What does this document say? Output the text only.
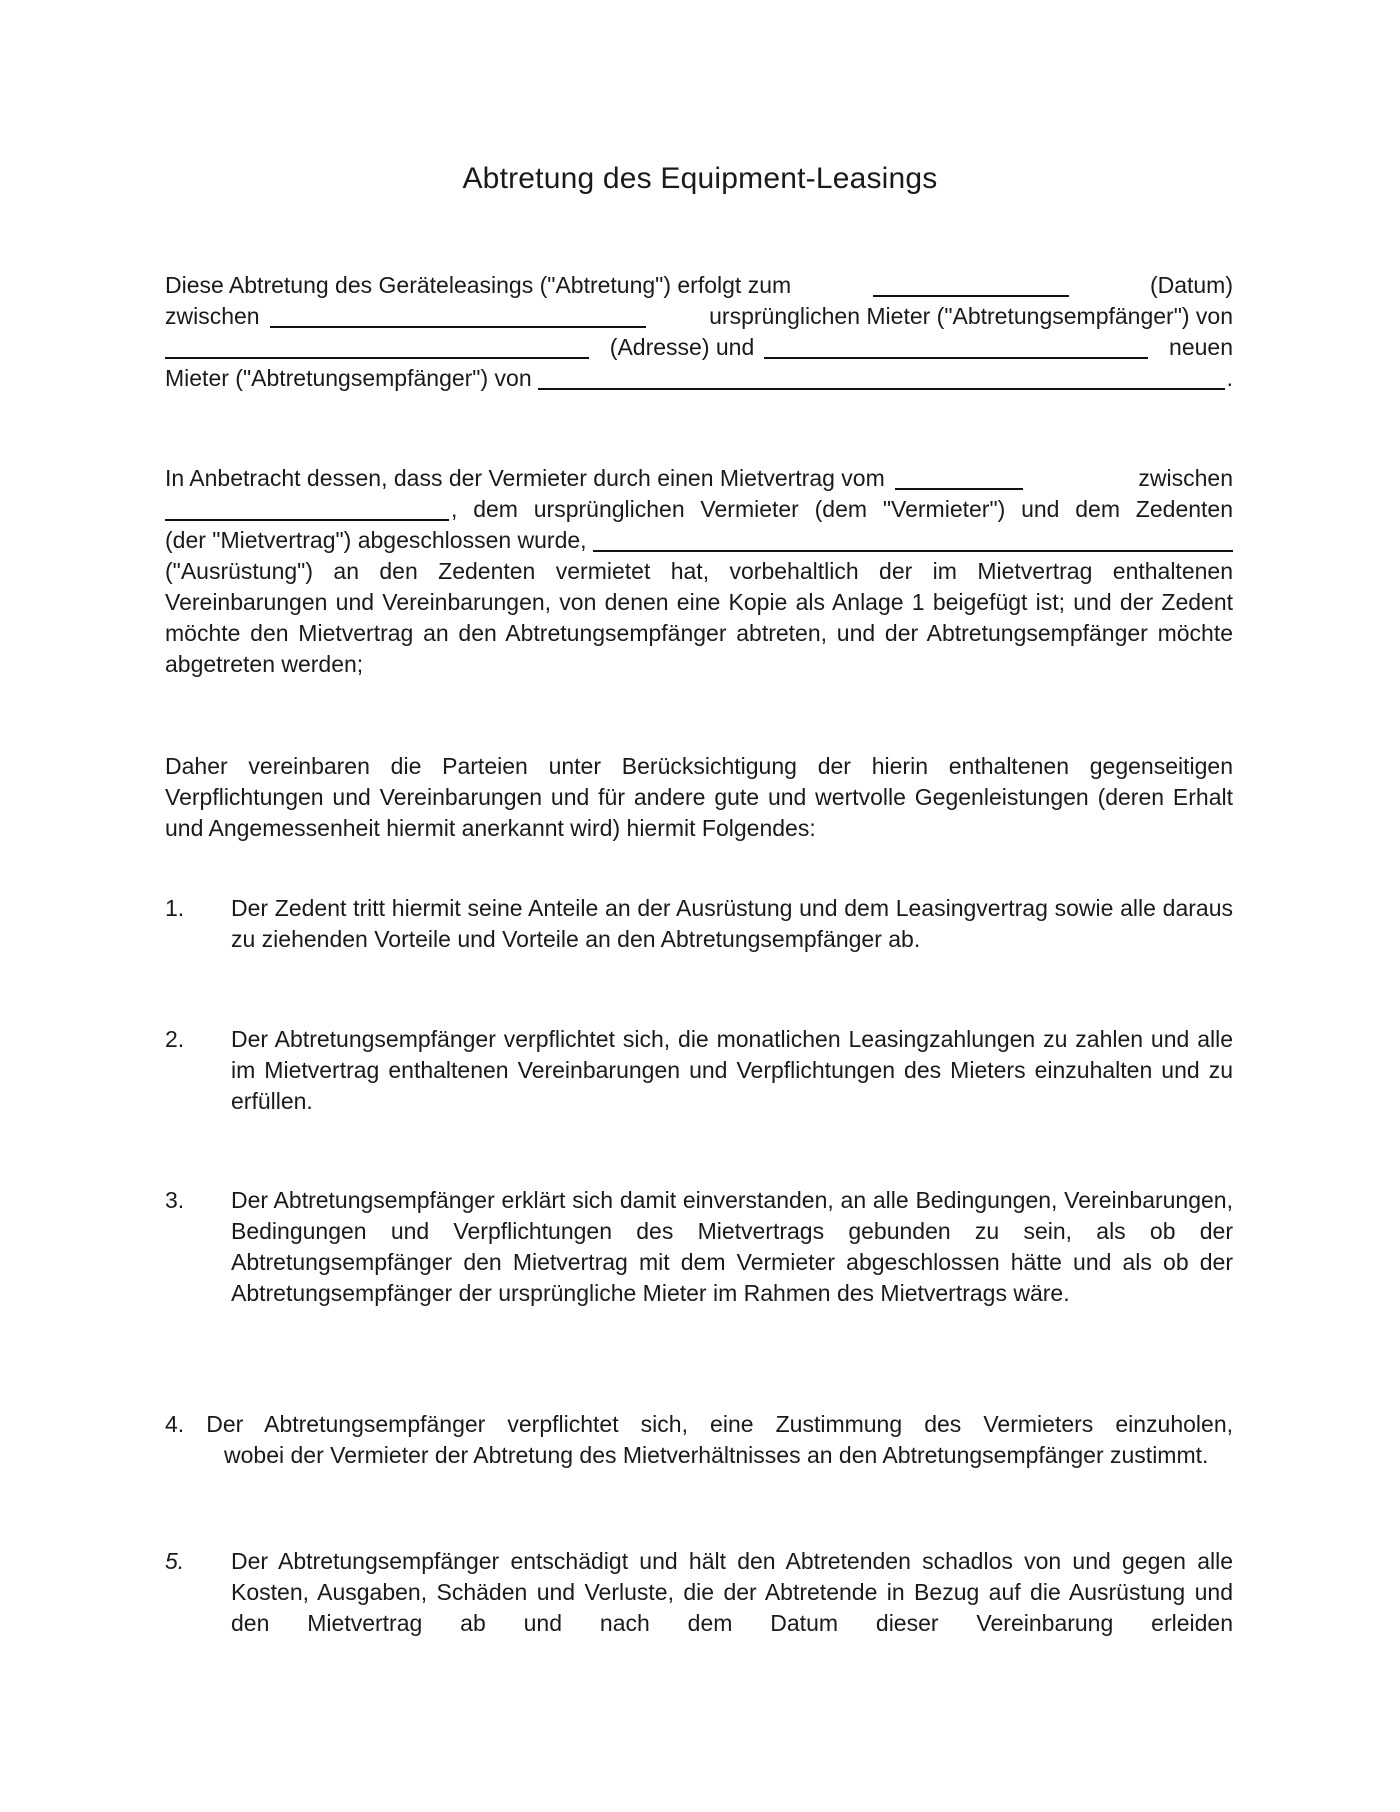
Abtretung des Equipment-Leasings
Diese Abtretung des Geräteleasings ("Abtretung") erfolgt zum	(Datum)
zwischen	ursprünglichen Mieter ("Abtretungsempfänger") von
(Adresse) und	neuen
Mieter ("Abtretungsempfänger") von	.
In Anbetracht dessen, dass der Vermieter durch einen Mietvertrag vom	zwischen
, dem ursprünglichen Vermieter (dem "Vermieter") und dem Zedenten
(der "Mietvertrag") abgeschlossen wurde,
("Ausrüstung") an den Zedenten vermietet hat, vorbehaltlich der im Mietvertrag enthaltenen Vereinbarungen und Vereinbarungen, von denen eine Kopie als Anlage 1 beigefügt ist; und der Zedent möchte den Mietvertrag an den Abtretungsempfänger abtreten, und der Abtretungsempfänger möchte abgetreten werden;
Daher vereinbaren die Parteien unter Berücksichtigung der hierin enthaltenen gegenseitigen Verpflichtungen und Vereinbarungen und für andere gute und wertvolle Gegenleistungen (deren Erhalt und Angemessenheit hiermit anerkannt wird) hiermit Folgendes:
1. Der Zedent tritt hiermit seine Anteile an der Ausrüstung und dem Leasingvertrag sowie alle daraus zu ziehenden Vorteile und Vorteile an den Abtretungsempfänger ab.
2. Der Abtretungsempfänger verpflichtet sich, die monatlichen Leasingzahlungen zu zahlen und alle im Mietvertrag enthaltenen Vereinbarungen und Verpflichtungen des Mieters einzuhalten und zu erfüllen.
3. Der Abtretungsempfänger erklärt sich damit einverstanden, an alle Bedingungen, Vereinbarungen, Bedingungen und Verpflichtungen des Mietvertrags gebunden zu sein, als ob der Abtretungsempfänger den Mietvertrag mit dem Vermieter abgeschlossen hätte und als ob der Abtretungsempfänger der ursprüngliche Mieter im Rahmen des Mietvertrags wäre.
4. Der Abtretungsempfänger verpflichtet sich, eine Zustimmung des Vermieters einzuholen,
wobei der Vermieter der Abtretung des Mietverhältnisses an den Abtretungsempfänger zustimmt.
5. Der Abtretungsempfänger entschädigt und hält den Abtretenden schadlos von und gegen alle Kosten, Ausgaben, Schäden und Verluste, die der Abtretende in Bezug auf die Ausrüstung und den Mietvertrag ab und nach dem Datum dieser Vereinbarung erleiden
